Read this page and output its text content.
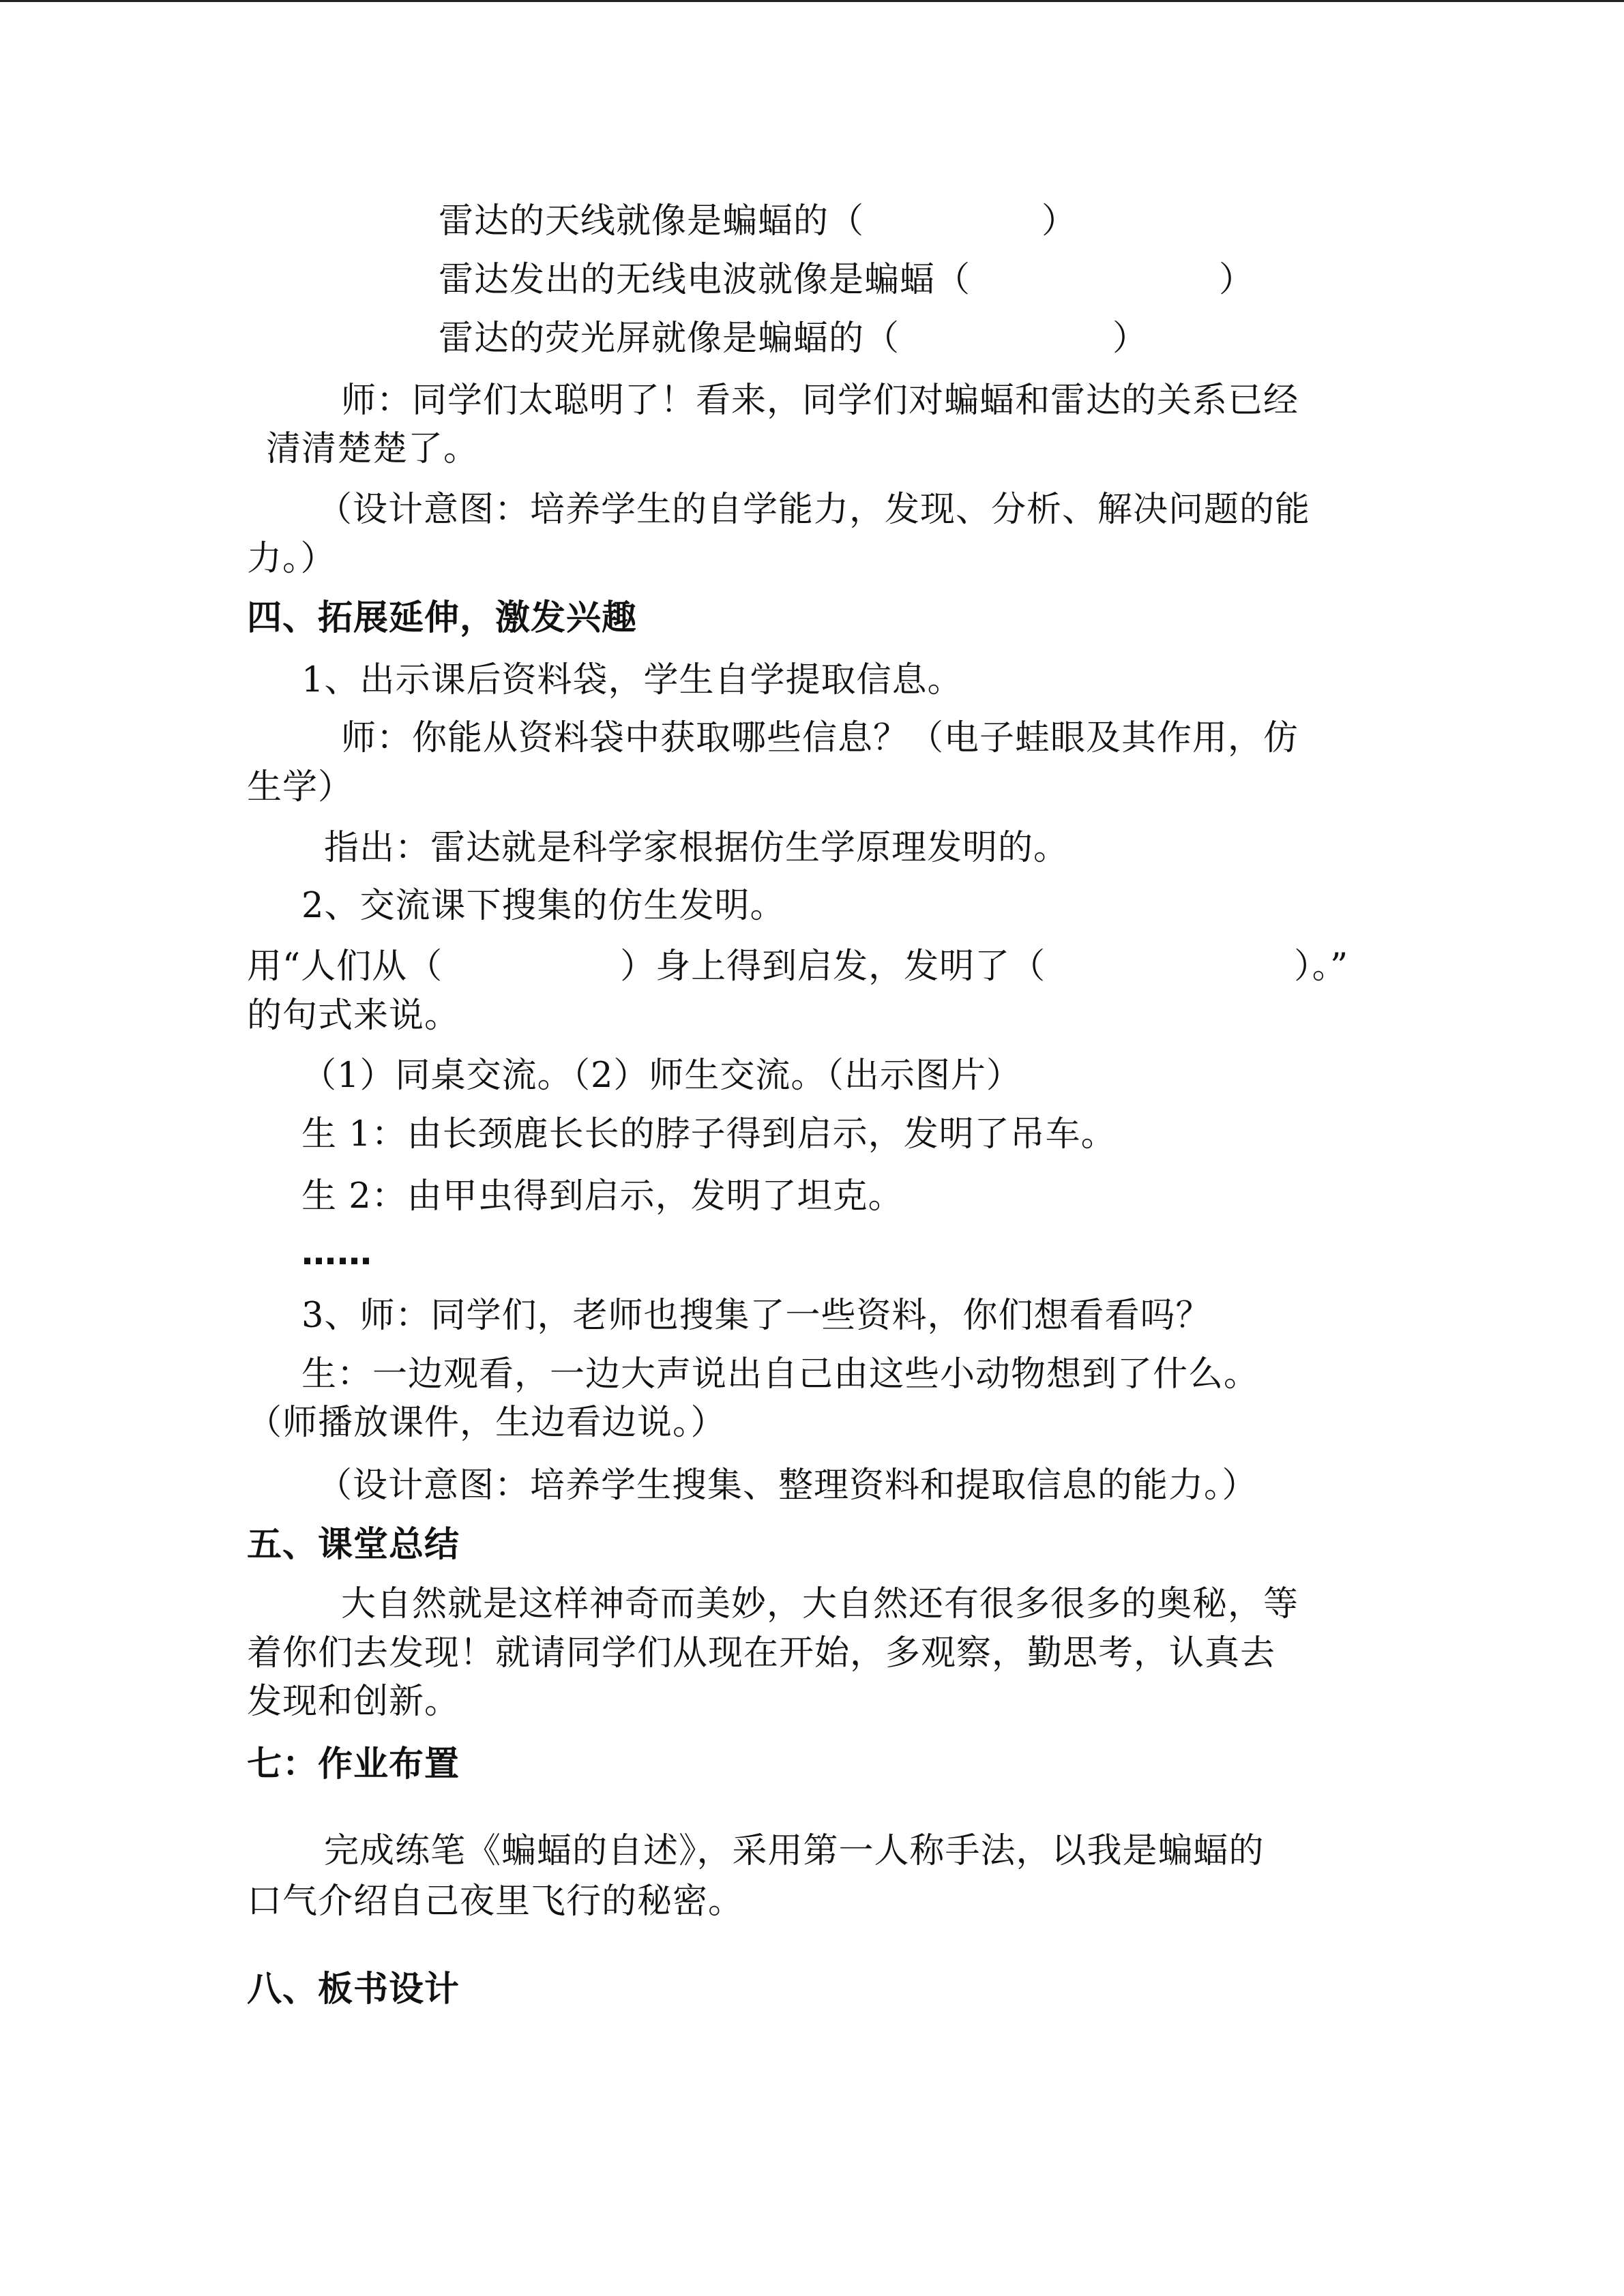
雷达的天线就像是蝙蝠的（　　　　　）
雷达发出的无线电波就像是蝙蝠（　　　　　　　）
雷达的荧光屏就像是蝙蝠的（　　　　　　）
师：同学们太聪明了！看来，同学们对蝙蝠和雷达的关系已经
清清楚楚了。
（设计意图：培养学生的自学能力，发现、分析、解决问题的能
力。）
四、拓展延伸，激发兴趣
1、出示课后资料袋，学生自学提取信息。
师：你能从资料袋中获取哪些信息？（电子蛙眼及其作用，仿
生学）
指出：雷达就是科学家根据仿生学原理发明的。
2、交流课下搜集的仿生发明。
用“人们从（　　　　　）身上得到启发，发明了（　　　　　　　）。”
的句式来说。
（1）同桌交流。（2）师生交流。（出示图片）
生 1：由长颈鹿长长的脖子得到启示，发明了吊车。
生 2：由甲虫得到启示，发明了坦克。
……
3、师：同学们，老师也搜集了一些资料，你们想看看吗？
生：一边观看，一边大声说出自己由这些小动物想到了什么。
（师播放课件，生边看边说。）
（设计意图：培养学生搜集、整理资料和提取信息的能力。）
五、课堂总结
大自然就是这样神奇而美妙，大自然还有很多很多的奥秘，等
着你们去发现！就请同学们从现在开始，多观察，勤思考，认真去
发现和创新。
七：作业布置
完成练笔《蝙蝠的自述》，采用第一人称手法，以我是蝙蝠的
口气介绍自己夜里飞行的秘密。
八、板书设计
